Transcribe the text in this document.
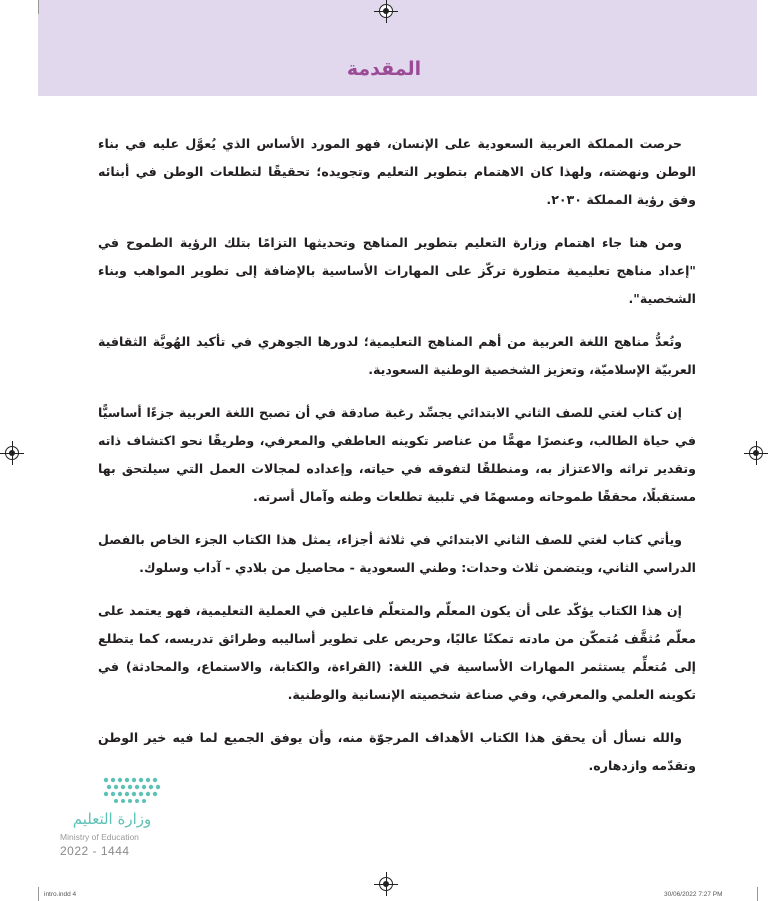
المقدمة

حرصت المملكة العربية السعودية على الإنسان، فهو المورد الأساس الذي يُعوَّل عليه في بناء الوطن ونهضته، ولهذا كان الاهتمام بتطوير التعليم وتجويده؛ تحقيقًا لتطلعات الوطن في أبنائه وفق رؤية المملكة ٢٠٣٠.

ومن هنا جاء اهتمام وزارة التعليم بتطوير المناهج وتحديثها التزامًا بتلك الرؤية الطموح في "إعداد مناهج تعليمية متطورة تركّز على المهارات الأساسية بالإضافة إلى تطوير المواهب وبناء الشخصية".

وتُعدُّ مناهج اللغة العربية من أهم المناهج التعليمية؛ لدورها الجوهري في تأكيد الهُويَّة الثقافية العربيّة الإسلاميّة، وتعزيز الشخصية الوطنية السعودية.

إن كتاب لغتي للصف الثاني الابتدائي يجسِّد رغبة صادقة في أن تصبح اللغة العربية جزءًا أساسيًّا في حياة الطالب، وعنصرًا مهمًّا من عناصر تكوينه العاطفي والمعرفي، وطريقًا نحو اكتشاف ذاته وتقدير تراثه والاعتزاز به، ومنطلقًا لتفوقه في حياته، وإعداده لمجالات العمل التي سيلتحق بها مستقبلًا، محققًا طموحاته ومسهمًا في تلبية تطلعات وطنه وآمال أسرته.

ويأتي كتاب لغتي للصف الثاني الابتدائي في ثلاثة أجزاء، يمثل هذا الكتاب الجزء الخاص بالفصل الدراسي الثاني، ويتضمن ثلاث وحدات: وطني السعودية - محاصيل من بلادي - آداب وسلوك.

إن هذا الكتاب يؤكّد على أن يكون المعلّم والمتعلّم فاعلين في العملية التعليمية، فهو يعتمد على معلّم مُثقَّف مُتمكّن من مادته تمكنًا عاليًا، وحريص على تطوير أساليبه وطرائق تدريسه، كما يتطلع إلى مُتعلِّم يستثمر المهارات الأساسية في اللغة: (القراءة، والكتابة، والاستماع، والمحادثة) في تكوينه العلمي والمعرفي، وفي صناعة شخصيته الإنسانية والوطنية.

والله نسأل أن يحقق هذا الكتاب الأهداف المرجوّة منه، وأن يوفق الجميع لما فيه خير الوطن وتقدّمه وازدهاره.

وزارة التعليم
Ministry of Education
2022 - 1444
intro.indd 4	30/06/2022 7:27 PM
